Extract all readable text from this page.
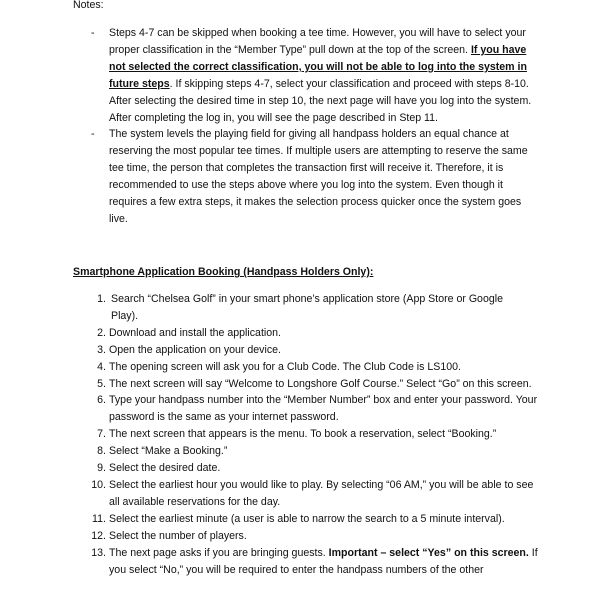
Notes:

- Steps 4-7 can be skipped when booking a tee time. However, you will have to select your proper classification in the “Member Type” pull down at the top of the screen. If you have not selected the correct classification, you will not be able to log into the system in future steps. If skipping steps 4-7, select your classification and proceed with steps 8-10. After selecting the desired time in step 10, the next page will have you log into the system. After completing the log in, you will see the page described in Step 11.
- The system levels the playing field for giving all handpass holders an equal chance at reserving the most popular tee times. If multiple users are attempting to reserve the same tee time, the person that completes the transaction first will receive it. Therefore, it is recommended to use the steps above where you log into the system. Even though it requires a few extra steps, it makes the selection process quicker once the system goes live.

Smartphone Application Booking (Handpass Holders Only):

1. Search “Chelsea Golf” in your smart phone’s application store (App Store or Google Play).
2. Download and install the application.
3. Open the application on your device.
4. The opening screen will ask you for a Club Code. The Club Code is LS100.
5. The next screen will say “Welcome to Longshore Golf Course.” Select “Go” on this screen.
6. Type your handpass number into the “Member Number” box and enter your password. Your password is the same as your internet password.
7. The next screen that appears is the menu. To book a reservation, select “Booking.”
8. Select “Make a Booking.”
9. Select the desired date.
10. Select the earliest hour you would like to play. By selecting “06 AM,” you will be able to see all available reservations for the day.
11. Select the earliest minute (a user is able to narrow the search to a 5 minute interval).
12. Select the number of players.
13. The next page asks if you are bringing guests. Important – select “Yes” on this screen. If you select “No,” you will be required to enter the handpass numbers of the other
